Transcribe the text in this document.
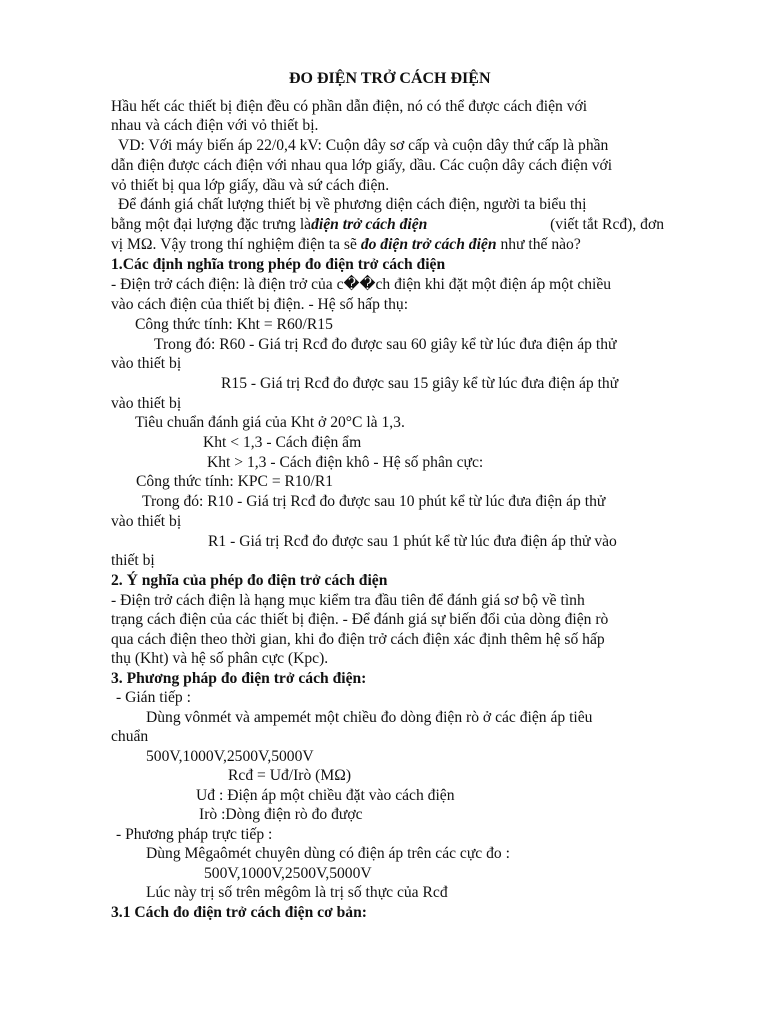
ĐO ĐIỆN TRỞ CÁCH ĐIỆN
Hầu hết các thiết bị điện đều có phần dẫn điện, nó có thể được cách điện với
nhau và cách điện với vỏ thiết bị.
VD: Với máy biến áp 22/0,4 kV: Cuộn dây sơ cấp và cuộn dây thứ cấp là phần
dẫn điện được cách điện với nhau qua lớp giấy, dầu. Các cuộn dây cách điện với
vỏ thiết bị qua lớp giấy, dầu và sứ cách điện.
Để đánh giá chất lượng thiết bị về phương diện cách điện, người ta biểu thị
bằng một đại lượng đặc trưng làđiện trở cách điện	(viết tắt Rcđ), đơn
vị MΩ. Vậy trong thí nghiệm điện ta sẽ đo điện trở cách điện như thế nào?
1.Các định nghĩa trong phép đo điện trở cách điện
- Điện trở cách điện: là điện trở của c��ch điện khi đặt một điện áp một chiều
vào cách điện của thiết bị điện. - Hệ số hấp thụ:
Công thức tính: Kht = R60/R15
Trong đó: R60 - Giá trị Rcđ đo được sau 60 giây kể từ lúc đưa điện áp thử
vào thiết bị
R15 - Giá trị Rcđ đo được sau 15 giây kể từ lúc đưa điện áp thử
vào thiết bị
Tiêu chuẩn đánh giá của Kht ở 20°C là 1,3.
Kht < 1,3 - Cách điện ẩm
Kht > 1,3 - Cách điện khô - Hệ số phân cực:
Công thức tính: KPC = R10/R1
Trong đó: R10 - Giá trị Rcđ đo được sau 10 phút kể từ lúc đưa điện áp thử
vào thiết bị
R1 - Giá trị Rcđ đo được sau 1 phút kể từ lúc đưa điện áp thử vào
thiết bị
2. Ý nghĩa của phép đo điện trở cách điện
- Điện trở cách điện là hạng mục kiểm tra đầu tiên để đánh giá sơ bộ về tình
trạng cách điện của các thiết bị điện. - Để đánh giá sự biến đổi của dòng điện rò
qua cách điện theo thời gian, khi đo điện trở cách điện xác định thêm hệ số hấp
thụ (Kht) và hệ số phân cực (Kpc).
3. Phương pháp đo điện trở cách điện:
- Gián tiếp :
Dùng vônmét và ampemét một chiều đo dòng điện rò ở các điện áp tiêu
chuẩn
500V,1000V,2500V,5000V
Rcđ = Uđ/Irò (MΩ)
Uđ : Điện áp một chiều đặt vào cách điện
Irò :Dòng điện rò đo được
- Phương pháp trực tiếp :
Dùng Mêgaômét chuyên dùng có điện áp trên các cực đo :
500V,1000V,2500V,5000V
Lúc này trị số trên mêgôm là trị số thực của Rcđ
3.1 Cách đo điện trở cách điện cơ bản:
